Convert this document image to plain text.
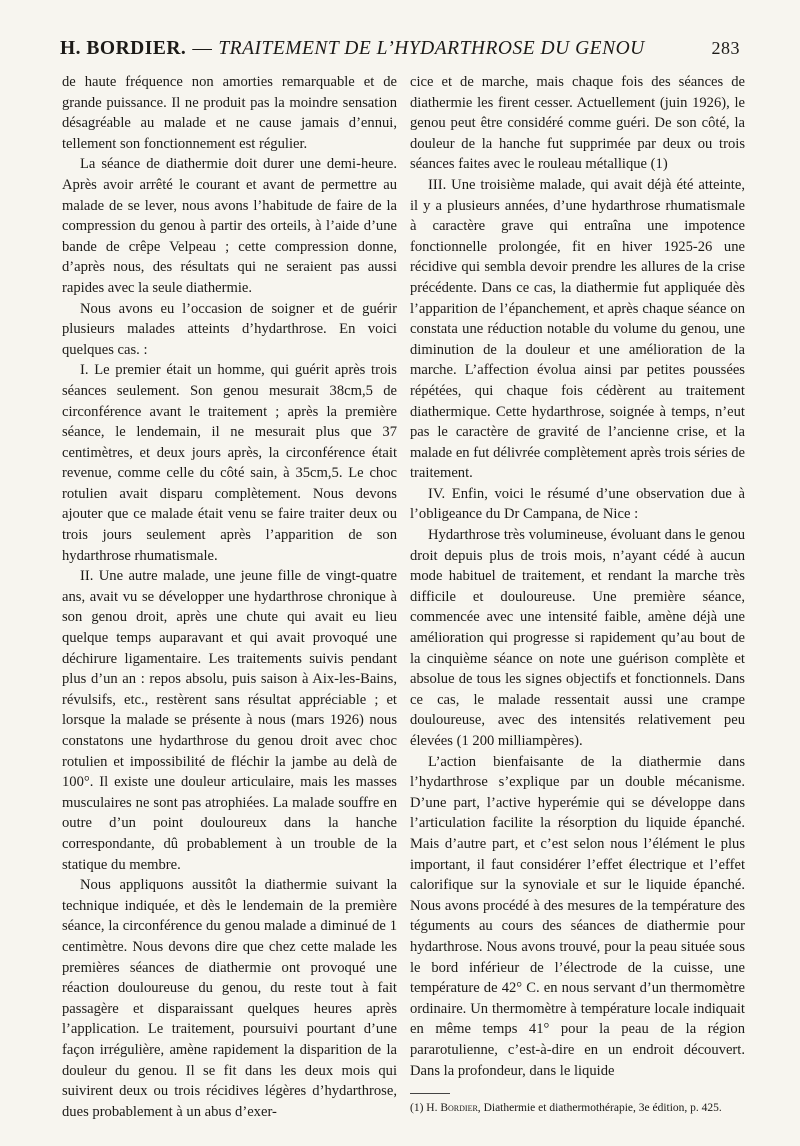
H. BORDIER. — TRAITEMENT DE L’HYDARTHROSE DU GENOU	283

de haute fréquence non amorties remarquable et de grande puissance. Il ne produit pas la moindre sensation désagréable au malade et ne cause jamais d’ennui, tellement son fonctionnement est régulier.

La séance de diathermie doit durer une demi-heure. Après avoir arrêté le courant et avant de permettre au malade de se lever, nous avons l’habitude de faire de la compression du genou à partir des orteils, à l’aide d’une bande de crêpe Velpeau ; cette compression donne, d’après nous, des résultats qui ne seraient pas aussi rapides avec la seule diathermie.

Nous avons eu l’occasion de soigner et de guérir plusieurs malades atteints d’hydarthrose. En voici quelques cas. :

I. Le premier était un homme, qui guérit après trois séances seulement. Son genou mesurait 38cm,5 de circonférence avant le traitement ; après la première séance, le lendemain, il ne mesurait plus que 37 centimètres, et deux jours après, la circonférence était revenue, comme celle du côté sain, à 35cm,5. Le choc rotulien avait disparu complètement. Nous devons ajouter que ce malade était venu se faire traiter deux ou trois jours seulement après l’apparition de son hydarthrose rhumatismale.

II. Une autre malade, une jeune fille de vingt-quatre ans, avait vu se développer une hydarthrose chronique à son genou droit, après une chute qui avait eu lieu quelque temps auparavant et qui avait provoqué une déchirure ligamentaire. Les traitements suivis pendant plus d’un an : repos absolu, puis saison à Aix-les-Bains, révulsifs, etc., restèrent sans résultat appréciable ; et lorsque la malade se présente à nous (mars 1926) nous constatons une hydarthrose du genou droit avec choc rotulien et impossibilité de fléchir la jambe au delà de 100°. Il existe une douleur articulaire, mais les masses musculaires ne sont pas atrophiées. La malade souffre en outre d’un point douloureux dans la hanche correspondante, dû probablement à un trouble de la statique du membre.

Nous appliquons aussitôt la diathermie suivant la technique indiquée, et dès le lendemain de la première séance, la circonférence du genou malade a diminué de 1 centimètre. Nous devons dire que chez cette malade les premières séances de diathermie ont provoqué une réaction douloureuse du genou, du reste tout à fait passagère et disparaissant quelques heures après l’application. Le traitement, poursuivi pourtant d’une façon irrégulière, amène rapidement la disparition de la douleur du genou. Il se fit dans les deux mois qui suivirent deux ou trois récidives légères d’hydarthrose, dues probablement à un abus d’exer-

cice et de marche, mais chaque fois des séances de diathermie les firent cesser. Actuellement (juin 1926), le genou peut être considéré comme guéri. De son côté, la douleur de la hanche fut supprimée par deux ou trois séances faites avec le rouleau métallique (1)

III. Une troisième malade, qui avait déjà été atteinte, il y a plusieurs années, d’une hydarthrose rhumatismale à caractère grave qui entraîna une impotence fonctionnelle prolongée, fit en hiver 1925-26 une récidive qui sembla devoir prendre les allures de la crise précédente. Dans ce cas, la diathermie fut appliquée dès l’apparition de l’épanchement, et après chaque séance on constata une réduction notable du volume du genou, une diminution de la douleur et une amélioration de la marche. L’affection évolua ainsi par petites poussées répétées, qui chaque fois cédèrent au traitement diathermique. Cette hydarthrose, soignée à temps, n’eut pas le caractère de gravité de l’ancienne crise, et la malade en fut délivrée complètement après trois séries de traitement.

IV. Enfin, voici le résumé d’une observation due à l’obligeance du Dr Campana, de Nice :

Hydarthrose très volumineuse, évoluant dans le genou droit depuis plus de trois mois, n’ayant cédé à aucun mode habituel de traitement, et rendant la marche très difficile et douloureuse. Une première séance, commencée avec une intensité faible, amène déjà une amélioration qui progresse si rapidement qu’au bout de la cinquième séance on note une guérison complète et absolue de tous les signes objectifs et fonctionnels. Dans ce cas, le malade ressentait aussi une crampe douloureuse, avec des intensités relativement peu élevées (1 200 milliampères).

L’action bienfaisante de la diathermie dans l’hydarthrose s’explique par un double mécanisme. D’une part, l’active hyperémie qui se développe dans l’articulation facilite la résorption du liquide épanché. Mais d’autre part, et c’est selon nous l’élément le plus important, il faut considérer l’effet électrique et l’effet calorifique sur la synoviale et sur le liquide épanché. Nous avons procédé à des mesures de la température des téguments au cours des séances de diathermie pour hydarthrose. Nous avons trouvé, pour la peau située sous le bord inférieur de l’électrode de la cuisse, une température de 42° C. en nous servant d’un thermomètre ordinaire. Un thermomètre à température locale indiquait en même temps 41° pour la peau de la région pararotulienne, c’est-à-dire en un endroit découvert. Dans la profondeur, dans le liquide

(1) H. Bordier, Diathermie et diathermothérapie, 3e édition, p. 425.
